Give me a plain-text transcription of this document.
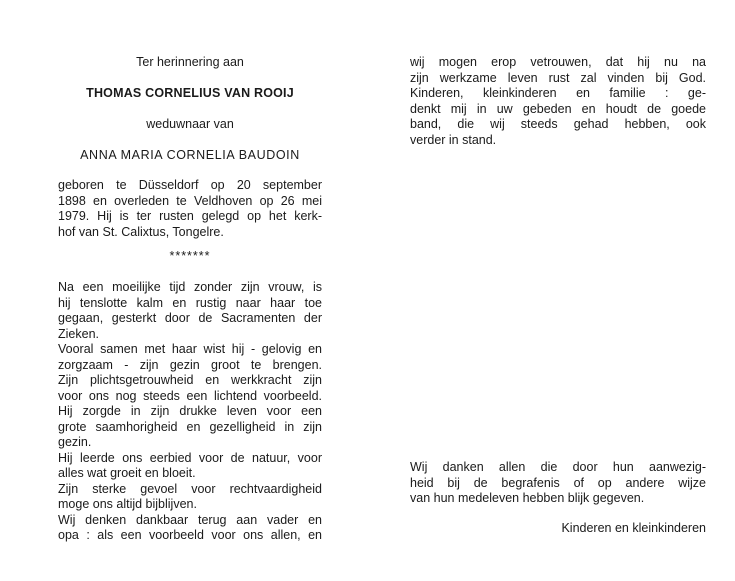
Ter herinnering aan
THOMAS CORNELIUS VAN ROOIJ
weduwnaar van
ANNA MARIA CORNELIA BAUDOIN
geboren te Düsseldorf op 20 september
1898 en overleden te Veldhoven op 26 mei
1979. Hij is ter rusten gelegd op het kerk-
hof van St. Calixtus, Tongelre.
*******
Na een moeilijke tijd zonder zijn vrouw, is
hij tenslotte kalm en rustig naar haar toe
gegaan, gesterkt door de Sacramenten der
Zieken.
Vooral samen met haar wist hij - gelovig en
zorgzaam - zijn gezin groot te brengen.
Zijn plichtsgetrouwheid en werkkracht zijn
voor ons nog steeds een lichtend voorbeeld.
Hij zorgde in zijn drukke leven voor een
grote saamhorigheid en gezelligheid in zijn
gezin.
Hij leerde ons eerbied voor de natuur, voor
alles wat groeit en bloeit.
Zijn sterke gevoel voor rechtvaardigheid
moge ons altijd bijblijven.
Wij denken dankbaar terug aan vader en
opa : als een voorbeeld voor ons allen, en
wij mogen erop vetrouwen, dat hij nu na
zijn werkzame leven rust zal vinden bij God.
Kinderen, kleinkinderen en familie : ge-
denkt mij in uw gebeden en houdt de goede
band, die wij steeds gehad hebben, ook
verder in stand.
Wij danken allen die door hun aanwezig-
heid bij de begrafenis of op andere wijze
van hun medeleven hebben blijk gegeven.
Kinderen en kleinkinderen
